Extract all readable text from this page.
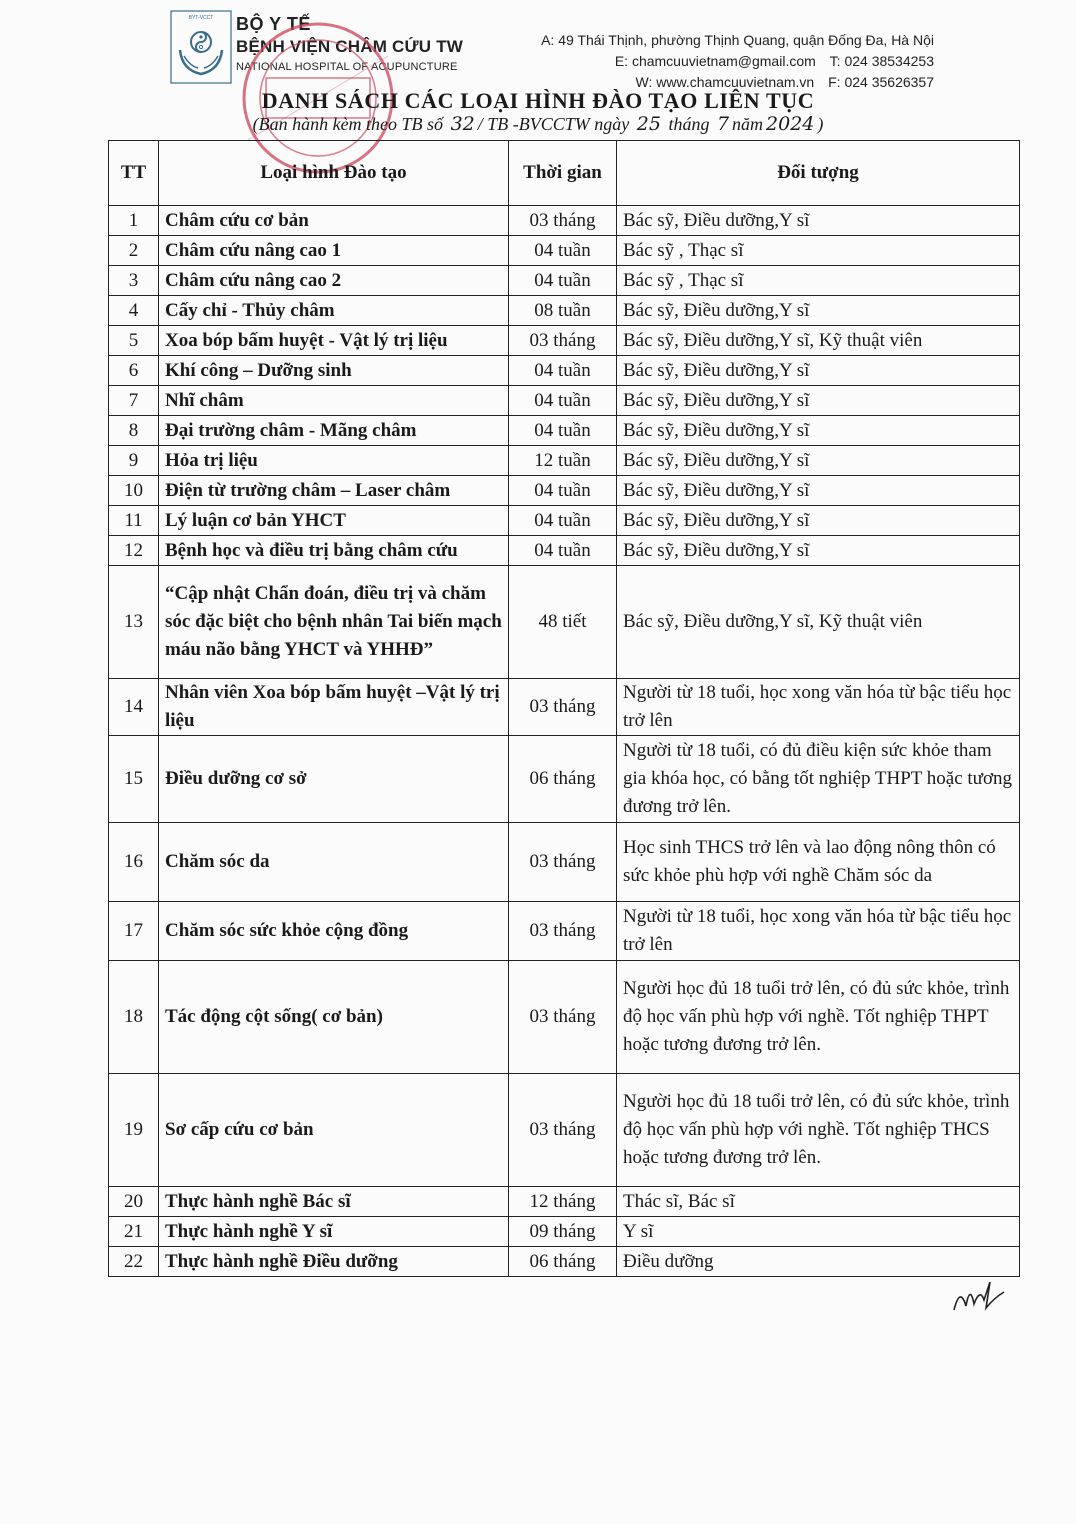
BYT-VCCT BỘ Y TẾ
BỆNH VIỆN CHÂM CỨU TW
NATIONAL HOSPITAL OF ACUPUNCTURE
A: 49 Thái Thịnh, phường Thịnh Quang, quận Đống Đa, Hà Nội
E: chamcuuvietnam@gmail.com T: 024 38534253
W: www.chamcuuvietnam.vn F: 024 35626357
DANH SÁCH CÁC LOẠI HÌNH ĐÀO TẠO LIÊN TỤC
(Ban hành kèm theo TB số 32 / TB -BVCCTW ngày 25 tháng 7 năm 2024 )
TT	Loại hình Đào tạo	Thời gian	Đối tượng
1	Châm cứu cơ bản	03 tháng	Bác sỹ, Điều dưỡng,Y sĩ
2	Châm cứu nâng cao 1	04 tuần	Bác sỹ , Thạc sĩ
3	Châm cứu nâng cao 2	04 tuần	Bác sỹ , Thạc sĩ
4	Cấy chỉ - Thủy châm	08 tuần	Bác sỹ, Điều dưỡng,Y sĩ
5	Xoa bóp bấm huyệt - Vật lý trị liệu	03 tháng	Bác sỹ, Điều dưỡng,Y sĩ, Kỹ thuật viên
6	Khí công – Dưỡng sinh	04 tuần	Bác sỹ, Điều dưỡng,Y sĩ
7	Nhĩ châm	04 tuần	Bác sỹ, Điều dưỡng,Y sĩ
8	Đại trường châm - Mãng châm	04 tuần	Bác sỹ, Điều dưỡng,Y sĩ
9	Hỏa trị liệu	12 tuần	Bác sỹ, Điều dưỡng,Y sĩ
10	Điện từ trường châm – Laser châm	04 tuần	Bác sỹ, Điều dưỡng,Y sĩ
11	Lý luận cơ bản YHCT	04 tuần	Bác sỹ, Điều dưỡng,Y sĩ
12	Bệnh học và điều trị bằng châm cứu	04 tuần	Bác sỹ, Điều dưỡng,Y sĩ
13	“Cập nhật Chẩn đoán, điều trị và chăm sóc đặc biệt cho bệnh nhân Tai biến mạch máu não bằng YHCT và YHHĐ”	48 tiết	Bác sỹ, Điều dưỡng,Y sĩ, Kỹ thuật viên
14	Nhân viên Xoa bóp bấm huyệt –Vật lý trị liệu	03 tháng	Người từ 18 tuổi, học xong văn hóa từ bậc tiểu học trở lên
15	Điều dưỡng cơ sở	06 tháng	Người từ 18 tuổi, có đủ điều kiện sức khỏe tham gia khóa học, có bằng tốt nghiệp THPT hoặc tương đương trở lên.
16	Chăm sóc da	03 tháng	Học sinh THCS trở lên và lao động nông thôn có sức khỏe phù hợp với nghề Chăm sóc da
17	Chăm sóc sức khỏe cộng đồng	03 tháng	Người từ 18 tuổi, học xong văn hóa từ bậc tiểu học trở lên
18	Tác động cột sống( cơ bản)	03 tháng	Người học đủ 18 tuổi trở lên, có đủ sức khỏe, trình độ học vấn phù hợp với nghề. Tốt nghiệp THPT hoặc tương đương trở lên.
19	Sơ cấp cứu cơ bản	03 tháng	Người học đủ 18 tuổi trở lên, có đủ sức khỏe, trình độ học vấn phù hợp với nghề. Tốt nghiệp THCS hoặc tương đương trở lên.
20	Thực hành nghề Bác sĩ	12 tháng	Thác sĩ, Bác sĩ
21	Thực hành nghề Y sĩ	09 tháng	Y sĩ
22	Thực hành nghề Điều dưỡng	06 tháng	Điều dưỡng
